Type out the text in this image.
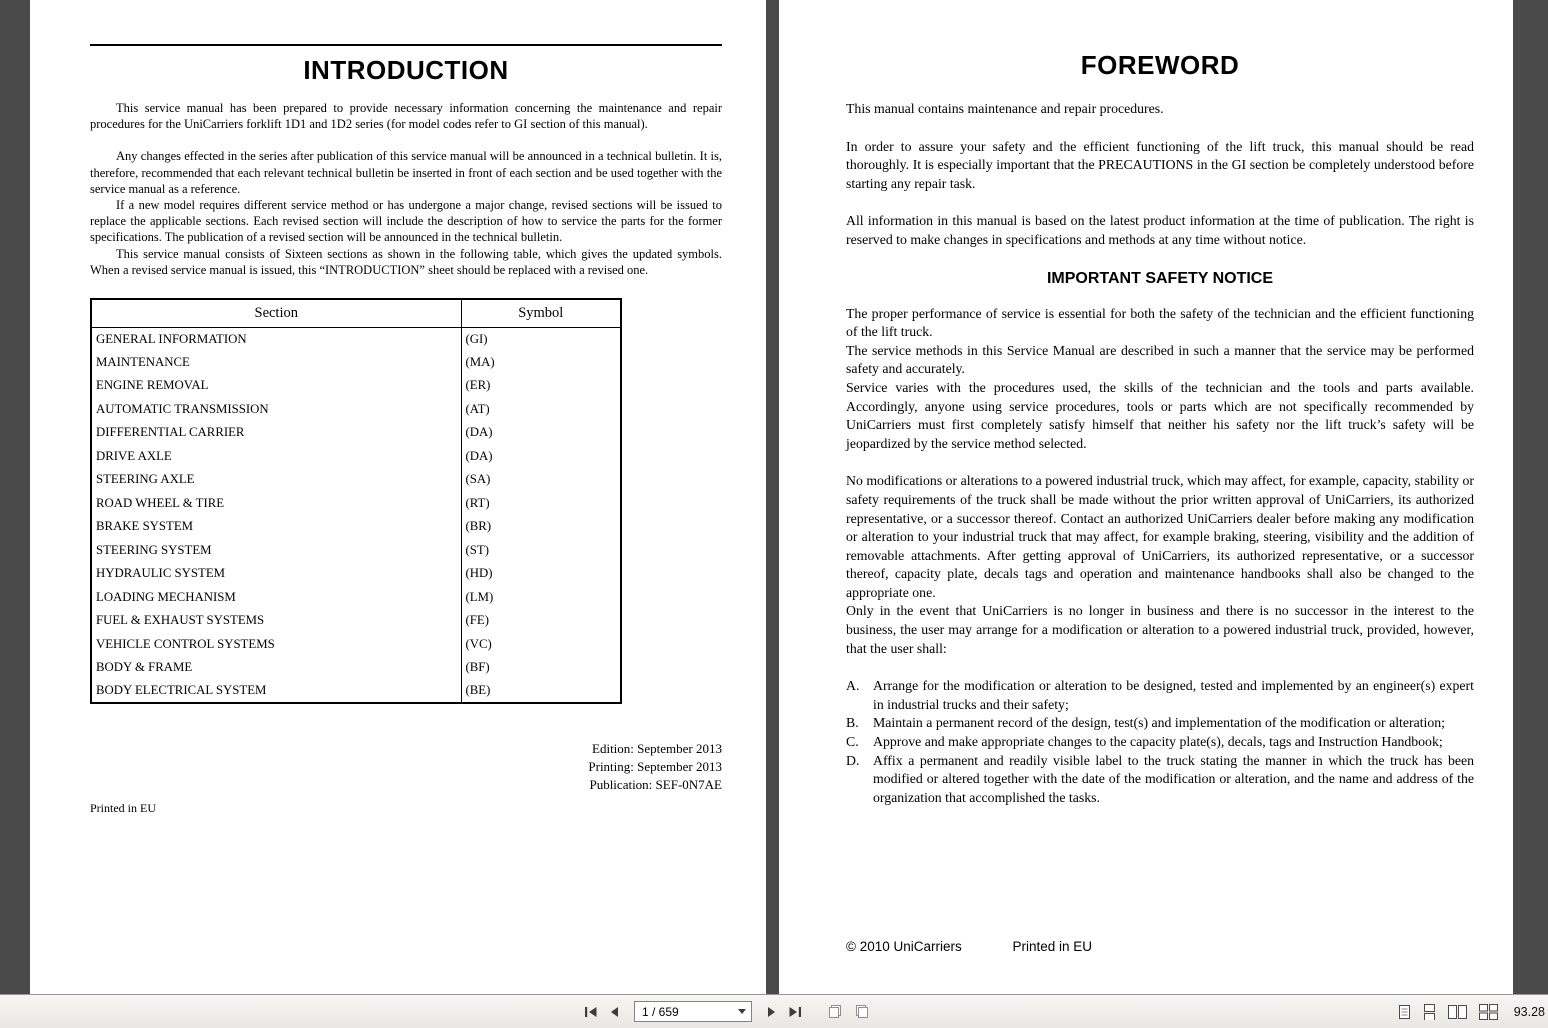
INTRODUCTION

This service manual has been prepared to provide necessary information concerning the maintenance and repair procedures for the UniCarriers forklift 1D1 and 1D2 series (for model codes refer to GI section of this manual).

Any changes effected in the series after publication of this service manual will be announced in a technical bulletin. It is, therefore, recommended that each relevant technical bulletin be inserted in front of each section and be used together with the service manual as a reference.

If a new model requires different service method or has undergone a major change, revised sections will be issued to replace the applicable sections. Each revised section will include the description of how to service the parts for the former specifications. The publication of a revised section will be announced in the technical bulletin.

This service manual consists of Sixteen sections as shown in the following table, which gives the updated symbols. When a revised service manual is issued, this “INTRODUCTION” sheet should be replaced with a revised one.

Section	Symbol
GENERAL INFORMATION	(GI)
MAINTENANCE	(MA)
ENGINE REMOVAL	(ER)
AUTOMATIC TRANSMISSION	(AT)
DIFFERENTIAL CARRIER	(DA)
DRIVE AXLE	(DA)
STEERING AXLE	(SA)
ROAD WHEEL & TIRE	(RT)
BRAKE SYSTEM	(BR)
STEERING SYSTEM	(ST)
HYDRAULIC SYSTEM	(HD)
LOADING MECHANISM	(LM)
FUEL & EXHAUST SYSTEMS	(FE)
VEHICLE CONTROL SYSTEMS	(VC)
BODY & FRAME	(BF)
BODY ELECTRICAL SYSTEM	(BE)
Edition: September 2013
Printing: September 2013
Publication: SEF-0N7AE
Printed in EU
FOREWORD

This manual contains maintenance and repair procedures.

In order to assure your safety and the efficient functioning of the lift truck, this manual should be read thoroughly. It is especially important that the PRECAUTIONS in the GI section be completely understood before starting any repair task.

All information in this manual is based on the latest product information at the time of publication. The right is reserved to make changes in specifications and methods at any time without notice.

IMPORTANT SAFETY NOTICE

The proper performance of service is essential for both the safety of the technician and the efficient functioning of the lift truck.

The service methods in this Service Manual are described in such a manner that the service may be performed safety and accurately.

Service varies with the procedures used, the skills of the technician and the tools and parts available. Accordingly, anyone using service procedures, tools or parts which are not specifically recommended by UniCarriers must first completely satisfy himself that neither his safety nor the lift truck’s safety will be jeopardized by the service method selected.

No modifications or alterations to a powered industrial truck, which may affect, for example, capacity, stability or safety requirements of the truck shall be made without the prior written approval of UniCarriers, its authorized representative, or a successor thereof. Contact an authorized UniCarriers dealer before making any modification or alteration to your industrial truck that may affect, for example braking, steering, visibility and the addition of removable attachments. After getting approval of UniCarriers, its authorized representative, or a successor thereof, capacity plate, decals tags and operation and maintenance handbooks shall also be changed to the appropriate one.

Only in the event that UniCarriers is no longer in business and there is no successor in the interest to the business, the user may arrange for a modification or alteration to a powered industrial truck, provided, however, that the user shall:

A. Arrange for the modification or alteration to be designed, tested and implemented by an engineer(s) expert in industrial trucks and their safety;
B.	Maintain a permanent record of the design, test(s) and implementation of the modification or alteration;
C.	Approve and make appropriate changes to the capacity plate(s), decals, tags and Instruction Handbook;
D. Affix a permanent and readily visible label to the truck stating the manner in which the truck has been modified or altered together with the date of the modification or alteration, and the name and address of the organization that accomplished the tasks.
© 2010 UniCarriers	Printed in EU
1 / 659	93.28
